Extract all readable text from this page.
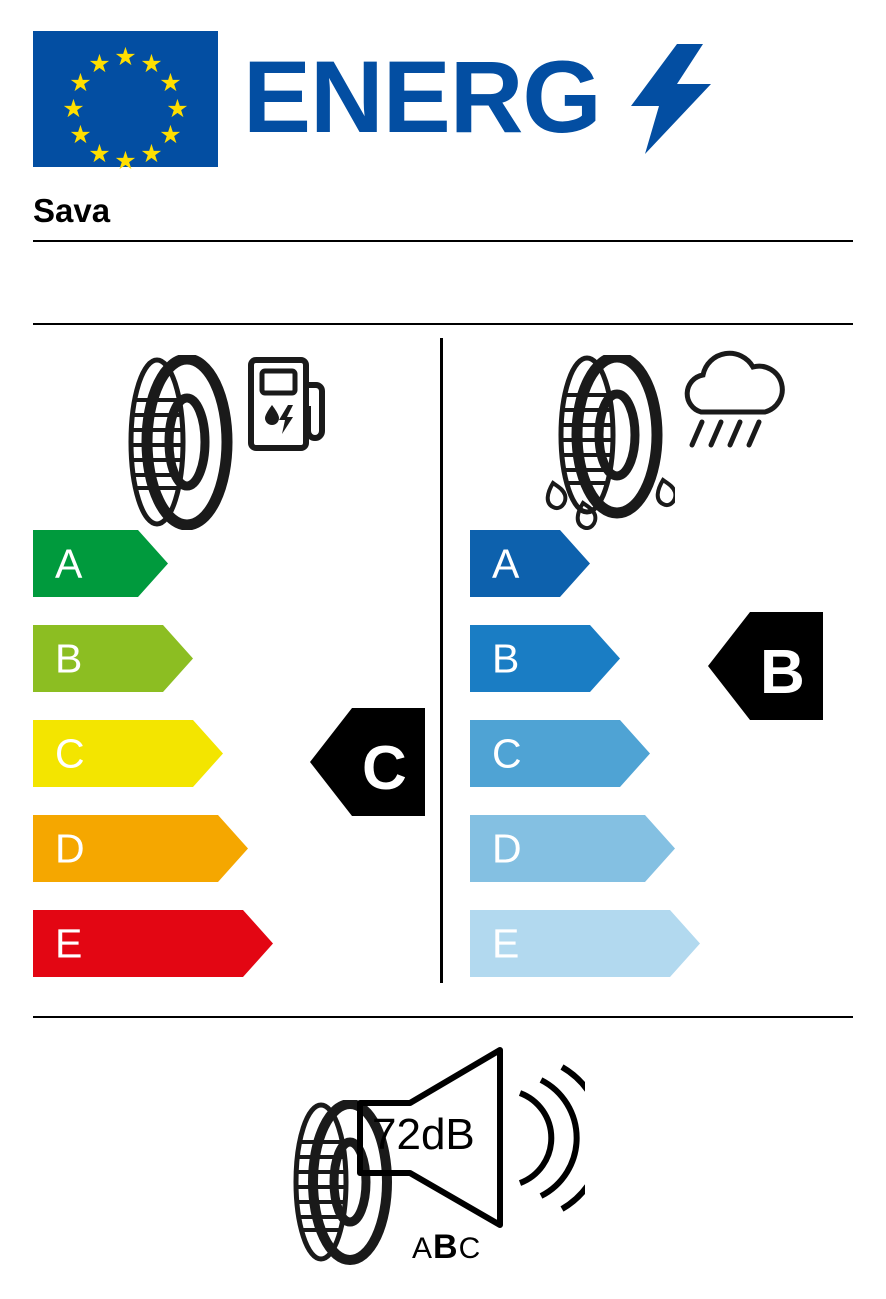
★ ★
★
★
★
★
★
★
★
★
★
★ ENERG
Sava
A
B
C
D
E
C
A
B
C
D
E
B
72dB
ABC
